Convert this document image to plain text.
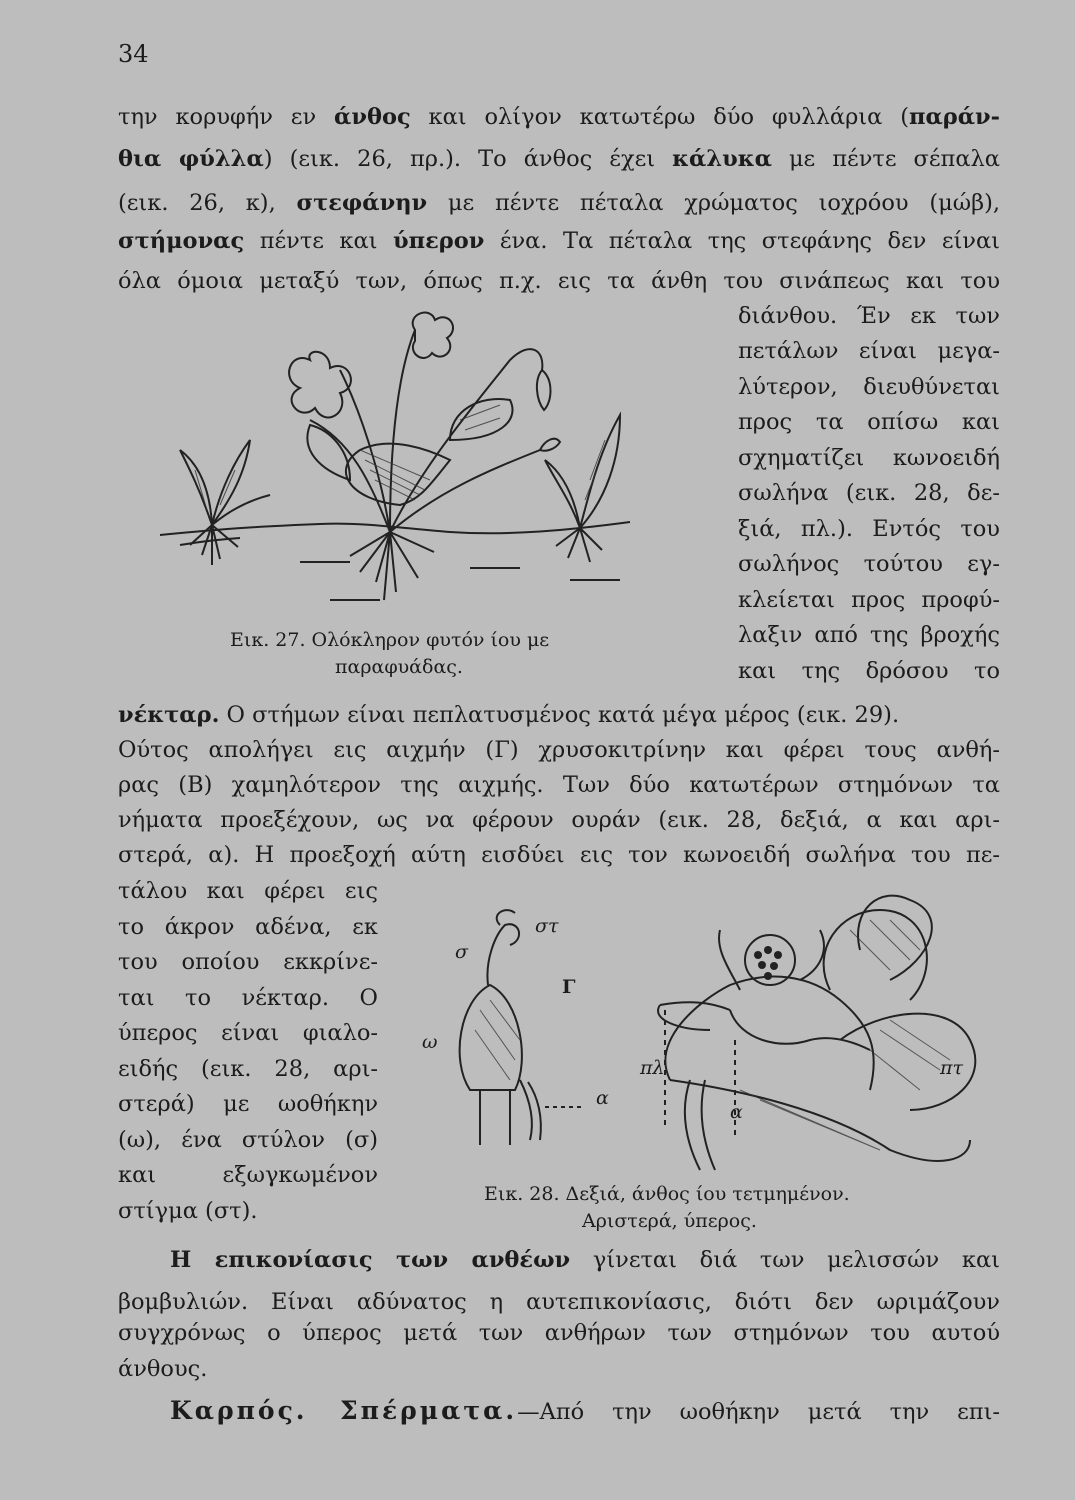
34
την κορυφήν εν άνθος και ολίγον κατωτέρω δύο φυλλάρια (παράν-
θια φύλλα) (εικ. 26, πρ.). Το άνθος έχει κάλυκα με πέντε σέπαλα
(εικ. 26, κ), στεφάνην με πέντε πέταλα χρώματος ιοχρόου (μώβ),
στήμονας πέντε και ύπερον ένα. Τα πέταλα της στεφάνης δεν είναι
όλα όμοια μεταξύ των, όπως π.χ. εις τα άνθη του σινάπεως και του
διάνθου. Έν εκ των
πετάλων είναι μεγα-
λύτερον, διευθύνεται
προς τα οπίσω και
σχηματίζει κωνοειδή
σωλήνα (εικ. 28, δε-
ξιά, πλ.). Εντός του
σωλήνος τούτου εγ-
κλείεται προς προφύ-
λαξιν από της βροχής
και της δρόσου το
Εικ. 27. Ολόκληρον φυτόν ίου με
παραφυάδας.
νέκταρ. Ο στήμων είναι πεπλατυσμένος κατά μέγα μέρος (εικ. 29).
Ούτος απολήγει εις αιχμήν (Γ) χρυσοκιτρίνην και φέρει τους ανθή-
ρας (Β) χαμηλότερον της αιχμής. Των δύο κατωτέρων στημόνων τα
νήματα προεξέχουν, ως να φέρουν ουράν (εικ. 28, δεξιά, α και αρι-
στερά, α). Η προεξοχή αύτη εισδύει εις τον κωνοειδή σωλήνα του πε-
τάλου και φέρει εις
το άκρον αδένα, εκ
του οποίου εκκρίνε-
ται το νέκταρ. Ο
ύπερος είναι φιαλο-
ειδής (εικ. 28, αρι-
στερά) με ωοθήκην
(ω), ένα στύλον (σ)
και εξωγκωμένον
στίγμα (στ).
στ
σ
Γ
ω
α
πλ	πτ
α
Εικ. 28. Δεξιά, άνθος ίου τετμημένον.
Αριστερά, ύπερος.
Η επικονίασις των ανθέων γίνεται διά των μελισσών και
βομβυλιών. Είναι αδύνατος η αυτεπικονίασις, διότι δεν ωριμάζουν
συγχρόνως ο ύπερος μετά των ανθήρων των στημόνων του αυτού
άνθους.
Καρπός. Σπέρματα.—Από την ωοθήκην μετά την επι-
